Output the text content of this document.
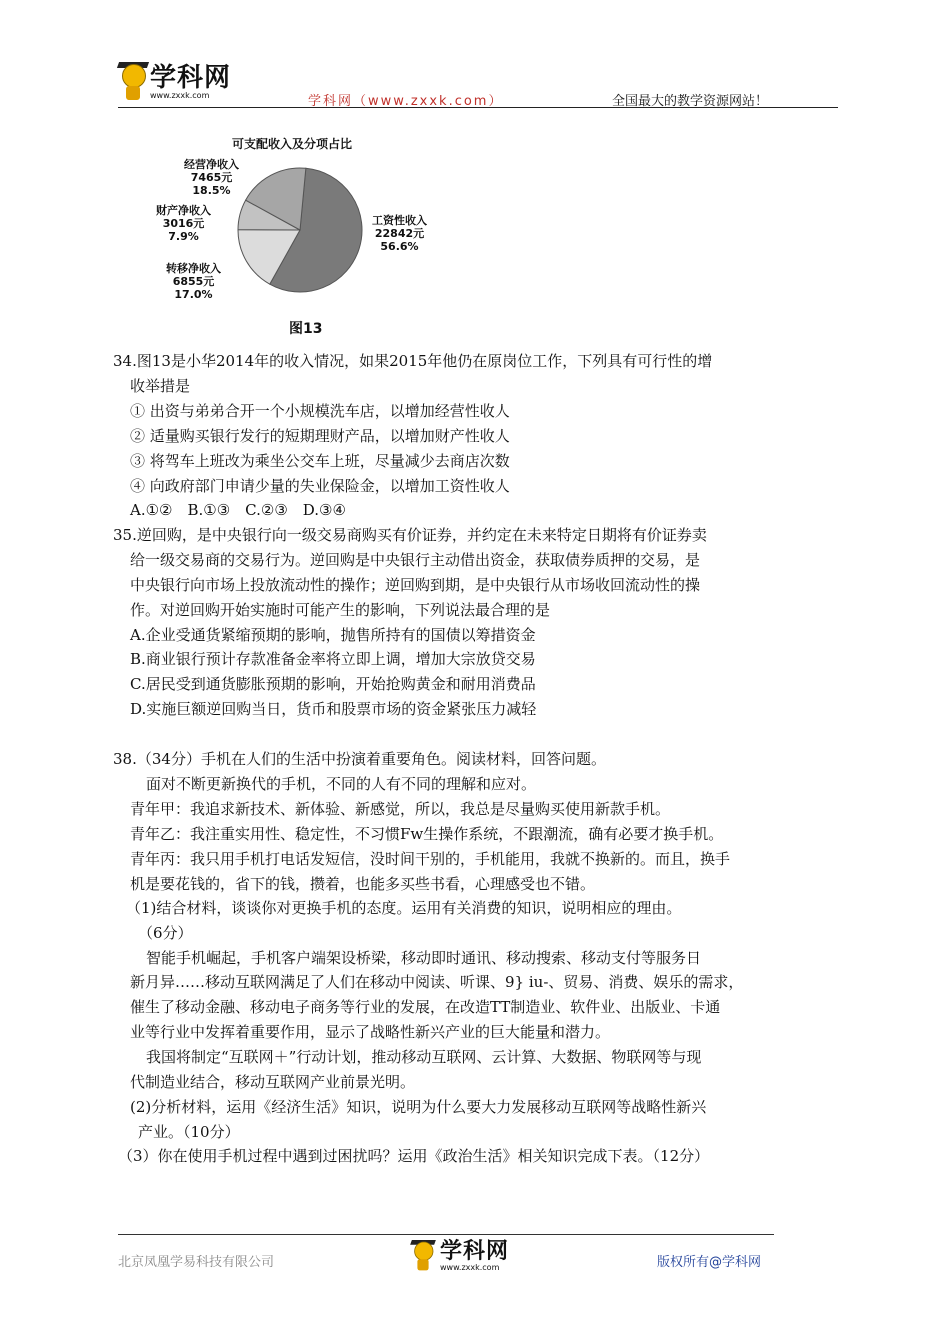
学科网
www.zxxk.com	学科网（www.zxxk.com）	全国最大的教学资源网站！
可支配收入及分项占比
经营净收入
7465元
18.5%
财产净收入
3016元
7.9%
转移净收入
6855元
17.0%
工资性收入
22842元
56.6%
图13
34.图13是小华2014年的收入情况，如果2015年他仍在原岗位工作，下列具有可行性的增
收举措是
① 出资与弟弟合开一个小规模洗车店，以增加经营性收人
② 适量购买银行发行的短期理财产品，以增加财产性收人
③ 将驾车上班改为乘坐公交车上班，尽量减少去商店次数
④ 向政府部门申请少量的失业保险金，以增加工资性收人
A.①②　B.①③　C.②③　D.③④
35.逆回购，是中央银行向一级交易商购买有价证券，并约定在未来特定日期将有价证券卖
给一级交易商的交易行为。逆回购是中央银行主动借出资金，获取债券质押的交易，是
中央银行向市场上投放流动性的操作；逆回购到期，是中央银行从市场收回流动性的操
作。对逆回购开始实施时可能产生的影响，下列说法最合理的是
A.企业受通货紧缩预期的影响，抛售所持有的国债以筹措资金
B.商业银行预计存款准备金率将立即上调，增加大宗放贷交易
C.居民受到通货膨胀预期的影响，开始抢购黄金和耐用消费品
D.实施巨额逆回购当日，货币和股票市场的资金紧张压力减轻
38.（34分）手机在人们的生活中扮演着重要角色。阅读材料，回答问题。
面对不断更新换代的手机，不同的人有不同的理解和应对。
青年甲：我追求新技术、新体验、新感觉，所以，我总是尽量购买使用新款手机。
青年乙：我注重实用性、稳定性，不习惯Fw生操作系统，不跟潮流，确有必要才换手机。
青年丙：我只用手机打电话发短信，没时间干别的，手机能用，我就不换新的。而且，换手
机是要花钱的，省下的钱，攒着，也能多买些书看，心理感受也不错。
（1)结合材料，谈谈你对更换手机的态度。运用有关消费的知识，说明相应的理由。
（6分）
智能手机崛起，手机客户端架设桥梁，移动即时通讯、移动搜索、移动支付等服务日
新月异……移动互联网满足了人们在移动中阅读、听课、9} iu-、贸易、消费、娱乐的需求，
催生了移动金融、移动电子商务等行业的发展，在改造TT制造业、软件业、出版业、卡通
业等行业中发挥着重要作用，显示了战略性新兴产业的巨大能量和潜力。
我国将制定“互联网＋”行动计划，推动移动互联网、云计算、大数据、物联网等与现
代制造业结合，移动互联网产业前景光明。
(2)分析材料，运用《经济生活》知识，说明为什么要大力发展移动互联网等战略性新兴
产业。（10分）
（3）你在使用手机过程中遇到过困扰吗？运用《政治生活》相关知识完成下表。（12分）
北京凤凰学易科技有限公司	学科网
www.zxxk.com	版权所有@学科网
